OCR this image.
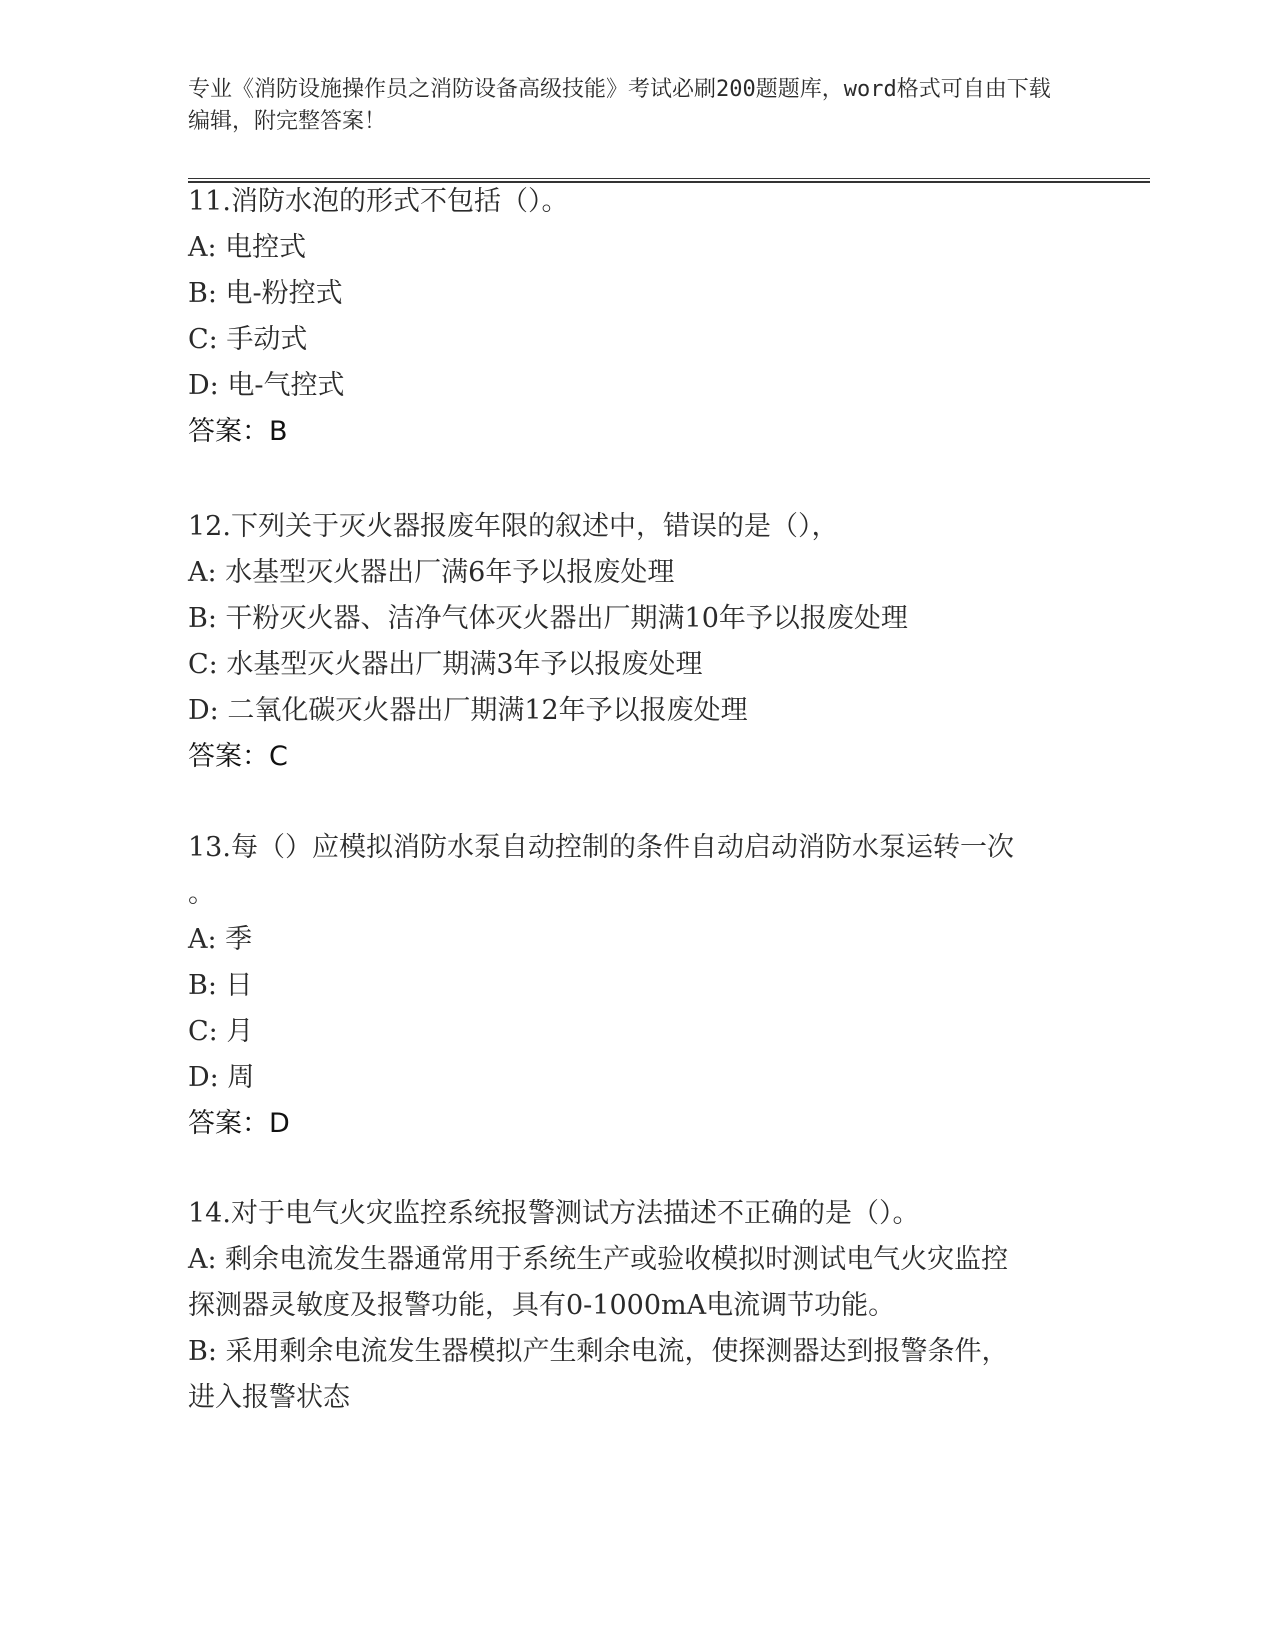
专业《消防设施操作员之消防设备高级技能》考试必刷200题题库，word格式可自由下载编辑，附完整答案！
11.消防水泡的形式不包括（）。
A: 电控式
B: 电-粉控式
C: 手动式
D: 电-气控式
答案：B
12.下列关于灭火器报废年限的叙述中，错误的是（），
A: 水基型灭火器出厂满6年予以报废处理
B: 干粉灭火器、洁净气体灭火器出厂期满10年予以报废处理
C: 水基型灭火器出厂期满3年予以报废处理
D: 二氧化碳灭火器出厂期满12年予以报废处理
答案：C
13.每（）应模拟消防水泵自动控制的条件自动启动消防水泵运转一次
。
A: 季
B: 日
C: 月
D: 周
答案：D
14.对于电气火灾监控系统报警测试方法描述不正确的是（）。
A: 剩余电流发生器通常用于系统生产或验收模拟时测试电气火灾监控
探测器灵敏度及报警功能，具有0-1000mA电流调节功能。
B: 采用剩余电流发生器模拟产生剩余电流，使探测器达到报警条件，
进入报警状态
